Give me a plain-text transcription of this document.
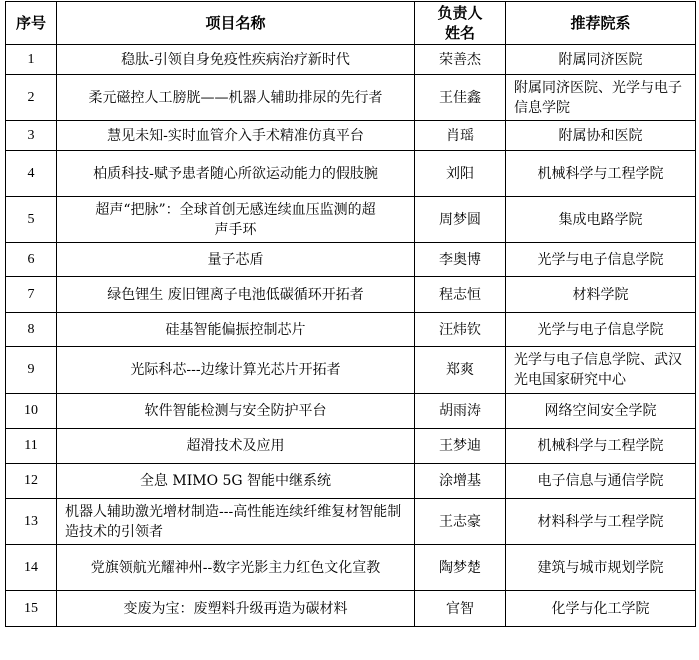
序号	项目名称	负责人姓名	推荐院系
1	稳肽-引领自身免疫性疾病治疗新时代	荣善杰	附属同济医院
2	柔元磁控人工膀胱——机器人辅助排尿的先行者	王佳鑫	附属同济医院、光学与电子信息学院
3	慧见未知-实时血管介入手术精准仿真平台	肖瑶	附属协和医院
4	柏质科技-赋予患者随心所欲运动能力的假肢腕	刘阳	机械科学与工程学院
5	超声“把脉”：全球首创无感连续血压监测的超声手环	周梦圆	集成电路学院
6	量子芯盾	李奥博	光学与电子信息学院
7	绿色锂生 废旧锂离子电池低碳循环开拓者	程志恒	材料学院
8	硅基智能偏振控制芯片	汪炜钦	光学与电子信息学院
9	光际科芯---边缘计算光芯片开拓者	郑爽	光学与电子信息学院、武汉光电国家研究中心
10	软件智能检测与安全防护平台	胡雨涛	网络空间安全学院
11	超滑技术及应用	王梦迪	机械科学与工程学院
12	全息 MIMO 5G 智能中继系统	涂增基	电子信息与通信学院
13	机器人辅助激光增材制造---高性能连续纤维复材智能制造技术的引领者	王志豪	材料科学与工程学院
14	党旗领航光耀神州--数字光影主力红色文化宣教	陶梦楚	建筑与城市规划学院
15	变废为宝：废塑料升级再造为碳材料	官智	化学与化工学院
